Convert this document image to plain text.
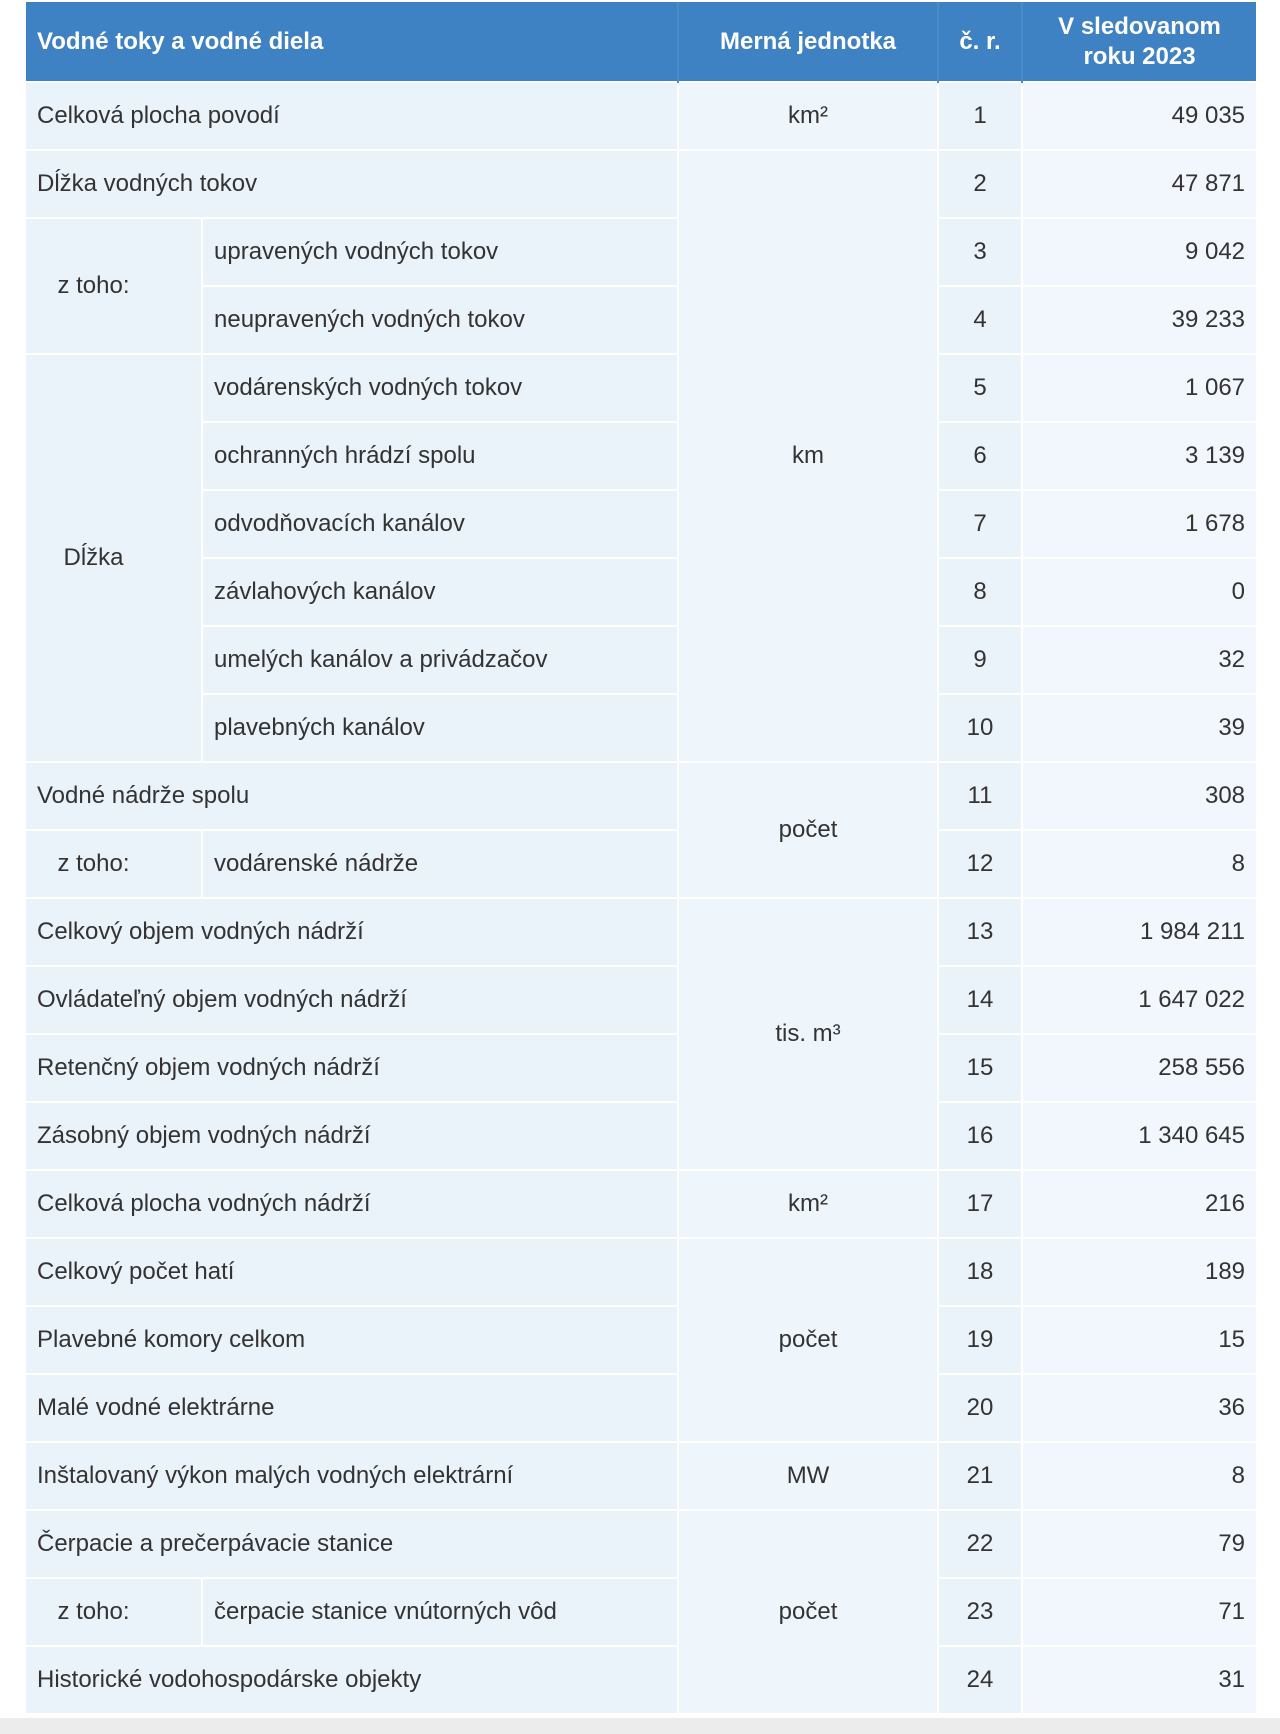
Vodné toky a vodné diela		Merná jednotka	č. r.	V sledovanom
roku 2023
Celková plocha povodí		km²	1	49 035
Dĺžka vodných tokov		km	2	47 871
z toho:	upravených vodných tokov		3	9 042
	neupravených vodných tokov		4	39 233
Dĺžka	vodárenských vodných tokov		5	1 067
	ochranných hrádzí spolu		6	3 139
	odvodňovacích kanálov		7	1 678
	závlahových kanálov		8	0
	umelých kanálov a privádzačov		9	32
	plavebných kanálov		10	39
Vodné nádrže spolu		počet	11	308
z toho:	vodárenské nádrže		12	8
Celkový objem vodných nádrží		tis. m³	13	1 984 211
Ovládateľný objem vodných nádrží			14	1 647 022
Retenčný objem vodných nádrží			15	258 556
Zásobný objem vodných nádrží			16	1 340 645
Celková plocha vodných nádrží		km²	17	216
Celkový počet hatí		počet	18	189
Plavebné komory celkom			19	15
Malé vodné elektrárne			20	36
Inštalovaný výkon malých vodných elektrární		MW	21	8
Čerpacie a prečerpávacie stanice		počet	22	79
z toho:	čerpacie stanice vnútorných vôd		23	71
Historické vodohospodárske objekty			24	31
